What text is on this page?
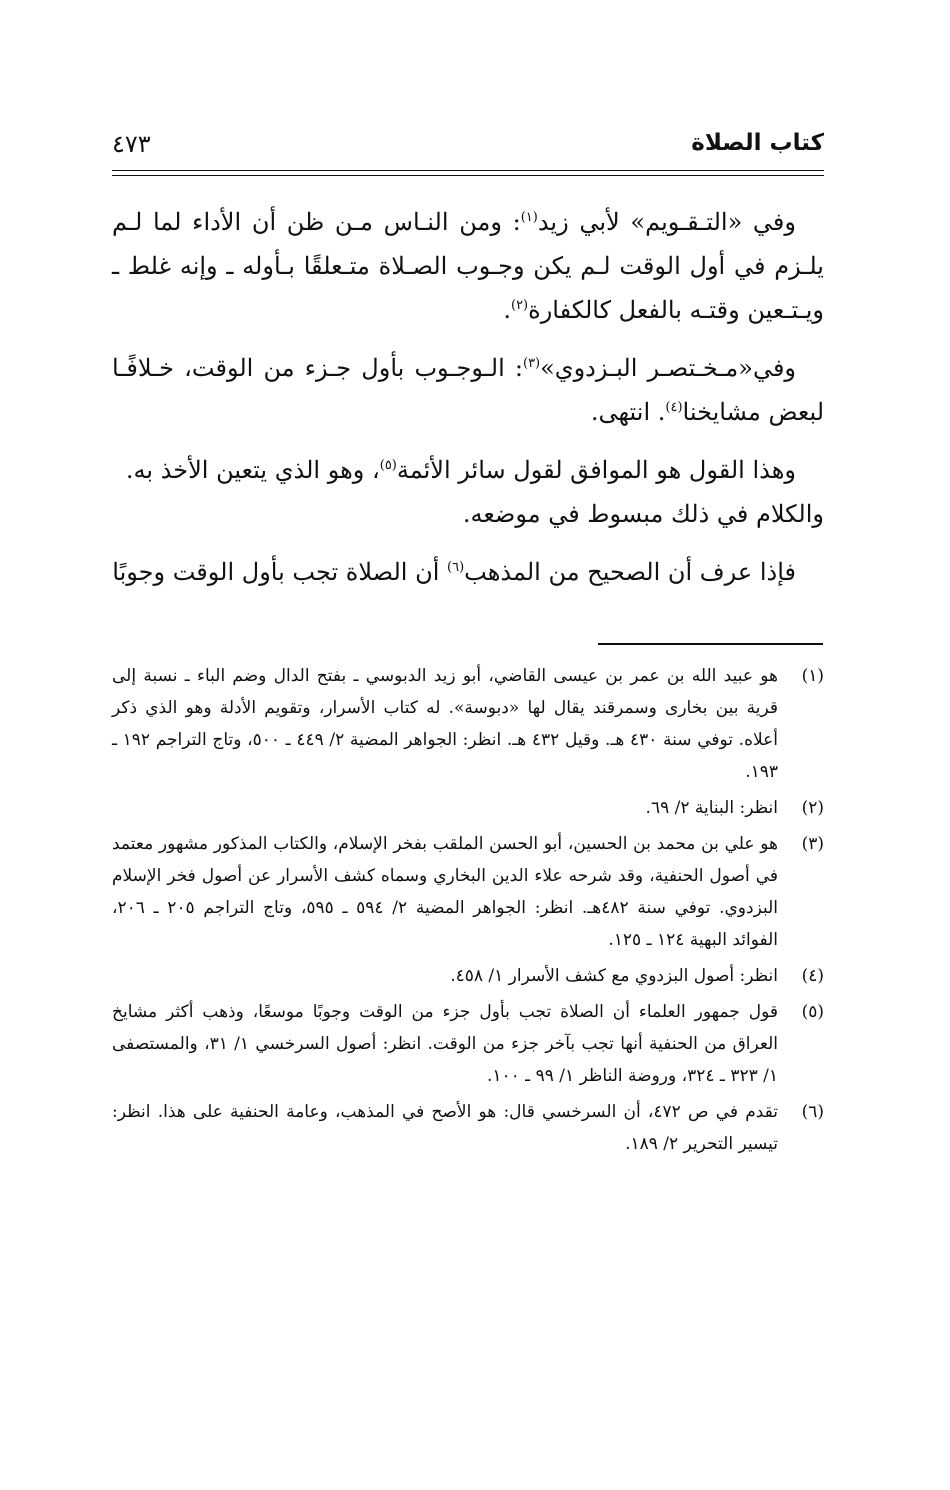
كتاب الصلاة
٤٧٣

وفي «التـقـويم» لأبي زيد$^{(١)}$: ومن النـاس مـن ظن أن الأداء لما لـم يلـزم في أول الوقت لـم يكن وجـوب الصـلاة متـعلقًا بـأوله ـ وإنه غلط ـ ويـتـعين وقتـه بالفعل كالكفارة$^{(٢)}$.

وفي«مـخـتصـر البـزدوي»$^{(٣)}$: الـوجـوب بأول جـزء من الوقت، خـلافًـا لبعض مشايخنا$^{(٤)}$. انتهى.

وهذا القول هو الموافق لقول سائر الأئمة$^{(٥)}$، وهو الذي يتعين الأخذ به.

والكلام في ذلك مبسوط في موضعه.

فإذا عرف أن الصحيح من المذهب$^{(٦)}$ أن الصلاة تجب بأول الوقت وجوبًا

(١)
هو عبيد الله بن عمر بن عيسى القاضي، أبو زيد الدبوسي ـ بفتح الدال وضم الباء ـ نسبة إلى قرية بين بخارى وسمرقند يقال لها «دبوسة». له كتاب الأسرار، وتقويم الأدلة وهو الذي ذكر أعلاه. توفي سنة ٤٣٠ هـ. وقيل ٤٣٢ هـ. انظر: الجواهر المضية ٢/ ٤٤٩ ـ ٥٠٠، وتاج التراجم ١٩٢ ـ ١٩٣.
(٢)
انظر: البناية ٢/ ٦٩.
(٣)
هو علي بن محمد بن الحسين، أبو الحسن الملقب بفخر الإسلام، والكتاب المذكور مشهور معتمد في أصول الحنفية، وقد شرحه علاء الدين البخاري وسماه كشف الأسرار عن أصول فخر الإسلام البزدوي. توفي سنة ٤٨٢هـ. انظر: الجواهر المضية ٢/ ٥٩٤ ـ ٥٩٥، وتاج التراجم ٢٠٥ ـ ٢٠٦، الفوائد البهية ١٢٤ ـ ١٢٥.
(٤)
انظر: أصول البزدوي مع كشف الأسرار ١/ ٤٥٨.
(٥)
قول جمهور العلماء أن الصلاة تجب بأول جزء من الوقت وجوبًا موسعًا، وذهب أكثر مشايخ العراق من الحنفية أنها تجب بآخر جزء من الوقت. انظر: أصول السرخسي ١/ ٣١، والمستصفى ١/ ٣٢٣ ـ ٣٢٤، وروضة الناظر ١/ ٩٩ ـ ١٠٠.
(٦)
تقدم في ص ٤٧٢، أن السرخسي قال: هو الأصح في المذهب، وعامة الحنفية على هذا. انظر: تيسير التحرير ٢/ ١٨٩.
